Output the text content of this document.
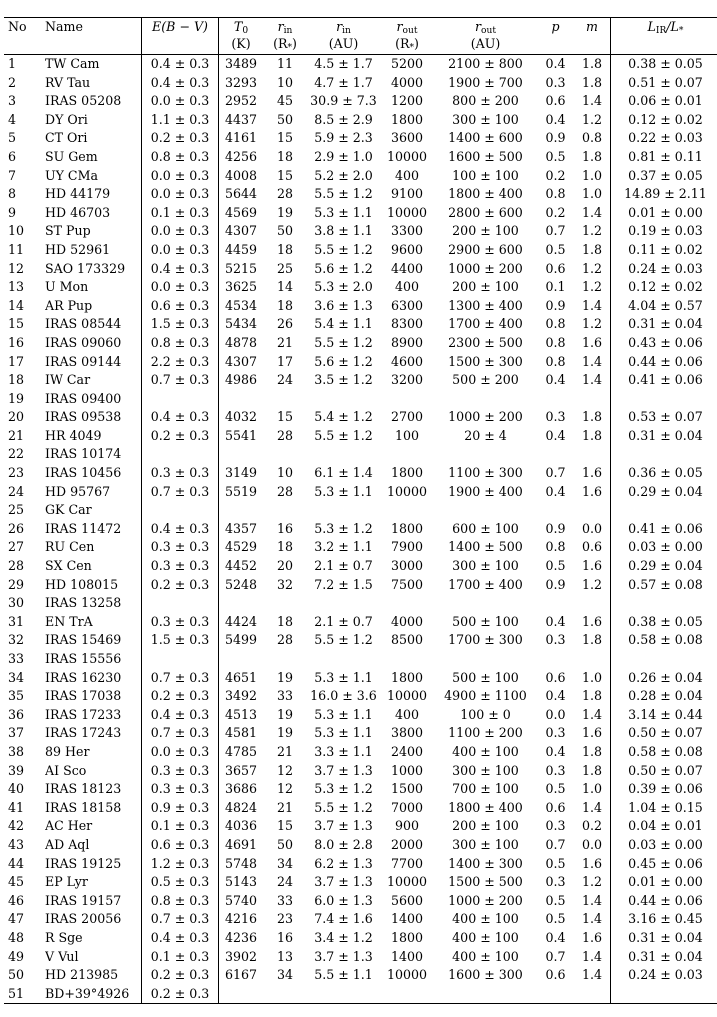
No	Name	E(B − V)	$T_0$	$r_{in}$	$r_{in}$	$r_{out}$	$r_{out}$	p	m	$L_{IR}/L_*$
			(K)	$(R_*)$	(AU)	$(R_*)$	(AU)			
1	TW Cam	0.4 ± 0.3	3489	11	4.5 ± 1.7	5200	2100 ± 800	0.4	1.8	0.38 ± 0.05
2	RV Tau	0.4 ± 0.3	3293	10	4.7 ± 1.7	4000	1900 ± 700	0.3	1.8	0.51 ± 0.07
3	IRAS 05208	0.0 ± 0.3	2952	45	30.9 ± 7.3	1200	800 ± 200	0.6	1.4	0.06 ± 0.01
4	DY Ori	1.1 ± 0.3	4437	50	8.5 ± 2.9	1800	300 ± 100	0.4	1.2	0.12 ± 0.02
5	CT Ori	0.2 ± 0.3	4161	15	5.9 ± 2.3	3600	1400 ± 600	0.9	0.8	0.22 ± 0.03
6	SU Gem	0.8 ± 0.3	4256	18	2.9 ± 1.0	10000	1600 ± 500	0.5	1.8	0.81 ± 0.11
7	UY CMa	0.0 ± 0.3	4008	15	5.2 ± 2.0	400	100 ± 100	0.2	1.0	0.37 ± 0.05
8	HD 44179	0.0 ± 0.3	5644	28	5.5 ± 1.2	9100	1800 ± 400	0.8	1.0	14.89 ± 2.11
9	HD 46703	0.1 ± 0.3	4569	19	5.3 ± 1.1	10000	2800 ± 600	0.2	1.4	0.01 ± 0.00
10	ST Pup	0.0 ± 0.3	4307	50	3.8 ± 1.1	3300	200 ± 100	0.7	1.2	0.19 ± 0.03
11	HD 52961	0.0 ± 0.3	4459	18	5.5 ± 1.2	9600	2900 ± 600	0.5	1.8	0.11 ± 0.02
12	SAO 173329	0.4 ± 0.3	5215	25	5.6 ± 1.2	4400	1000 ± 200	0.6	1.2	0.24 ± 0.03
13	U Mon	0.0 ± 0.3	3625	14	5.3 ± 2.0	400	200 ± 100	0.1	1.2	0.12 ± 0.02
14	AR Pup	0.6 ± 0.3	4534	18	3.6 ± 1.3	6300	1300 ± 400	0.9	1.4	4.04 ± 0.57
15	IRAS 08544	1.5 ± 0.3	5434	26	5.4 ± 1.1	8300	1700 ± 400	0.8	1.2	0.31 ± 0.04
16	IRAS 09060	0.8 ± 0.3	4878	21	5.5 ± 1.2	8900	2300 ± 500	0.8	1.6	0.43 ± 0.06
17	IRAS 09144	2.2 ± 0.3	4307	17	5.6 ± 1.2	4600	1500 ± 300	0.8	1.4	0.44 ± 0.06
18	IW Car	0.7 ± 0.3	4986	24	3.5 ± 1.2	3200	500 ± 200	0.4	1.4	0.41 ± 0.06
19	IRAS 09400									
20	IRAS 09538	0.4 ± 0.3	4032	15	5.4 ± 1.2	2700	1000 ± 200	0.3	1.8	0.53 ± 0.07
21	HR 4049	0.2 ± 0.3	5541	28	5.5 ± 1.2	100	20 ± 4	0.4	1.8	0.31 ± 0.04
22	IRAS 10174									
23	IRAS 10456	0.3 ± 0.3	3149	10	6.1 ± 1.4	1800	1100 ± 300	0.7	1.6	0.36 ± 0.05
24	HD 95767	0.7 ± 0.3	5519	28	5.3 ± 1.1	10000	1900 ± 400	0.4	1.6	0.29 ± 0.04
25	GK Car									
26	IRAS 11472	0.4 ± 0.3	4357	16	5.3 ± 1.2	1800	600 ± 100	0.9	0.0	0.41 ± 0.06
27	RU Cen	0.3 ± 0.3	4529	18	3.2 ± 1.1	7900	1400 ± 500	0.8	0.6	0.03 ± 0.00
28	SX Cen	0.3 ± 0.3	4452	20	2.1 ± 0.7	3000	300 ± 100	0.5	1.6	0.29 ± 0.04
29	HD 108015	0.2 ± 0.3	5248	32	7.2 ± 1.5	7500	1700 ± 400	0.9	1.2	0.57 ± 0.08
30	IRAS 13258									
31	EN TrA	0.3 ± 0.3	4424	18	2.1 ± 0.7	4000	500 ± 100	0.4	1.6	0.38 ± 0.05
32	IRAS 15469	1.5 ± 0.3	5499	28	5.5 ± 1.2	8500	1700 ± 300	0.3	1.8	0.58 ± 0.08
33	IRAS 15556									
34	IRAS 16230	0.7 ± 0.3	4651	19	5.3 ± 1.1	1800	500 ± 100	0.6	1.0	0.26 ± 0.04
35	IRAS 17038	0.2 ± 0.3	3492	33	16.0 ± 3.6	10000	4900 ± 1100	0.4	1.8	0.28 ± 0.04
36	IRAS 17233	0.4 ± 0.3	4513	19	5.3 ± 1.1	400	100 ± 0	0.0	1.4	3.14 ± 0.44
37	IRAS 17243	0.7 ± 0.3	4581	19	5.3 ± 1.1	3800	1100 ± 200	0.3	1.6	0.50 ± 0.07
38	89 Her	0.0 ± 0.3	4785	21	3.3 ± 1.1	2400	400 ± 100	0.4	1.8	0.58 ± 0.08
39	AI Sco	0.3 ± 0.3	3657	12	3.7 ± 1.3	1000	300 ± 100	0.3	1.8	0.50 ± 0.07
40	IRAS 18123	0.3 ± 0.3	3686	12	5.3 ± 1.2	1500	700 ± 100	0.5	1.0	0.39 ± 0.06
41	IRAS 18158	0.9 ± 0.3	4824	21	5.5 ± 1.2	7000	1800 ± 400	0.6	1.4	1.04 ± 0.15
42	AC Her	0.1 ± 0.3	4036	15	3.7 ± 1.3	900	200 ± 100	0.3	0.2	0.04 ± 0.01
43	AD Aql	0.6 ± 0.3	4691	50	8.0 ± 2.8	2000	300 ± 100	0.7	0.0	0.03 ± 0.00
44	IRAS 19125	1.2 ± 0.3	5748	34	6.2 ± 1.3	7700	1400 ± 300	0.5	1.6	0.45 ± 0.06
45	EP Lyr	0.5 ± 0.3	5143	24	3.7 ± 1.3	10000	1500 ± 500	0.3	1.2	0.01 ± 0.00
46	IRAS 19157	0.8 ± 0.3	5740	33	6.0 ± 1.3	5600	1000 ± 200	0.5	1.4	0.44 ± 0.06
47	IRAS 20056	0.7 ± 0.3	4216	23	7.4 ± 1.6	1400	400 ± 100	0.5	1.4	3.16 ± 0.45
48	R Sge	0.4 ± 0.3	4236	16	3.4 ± 1.2	1800	400 ± 100	0.4	1.6	0.31 ± 0.04
49	V Vul	0.1 ± 0.3	3902	13	3.7 ± 1.3	1400	400 ± 100	0.7	1.4	0.31 ± 0.04
50	HD 213985	0.2 ± 0.3	6167	34	5.5 ± 1.1	10000	1600 ± 300	0.6	1.4	0.24 ± 0.03
51	BD+39°4926	0.2 ± 0.3								
